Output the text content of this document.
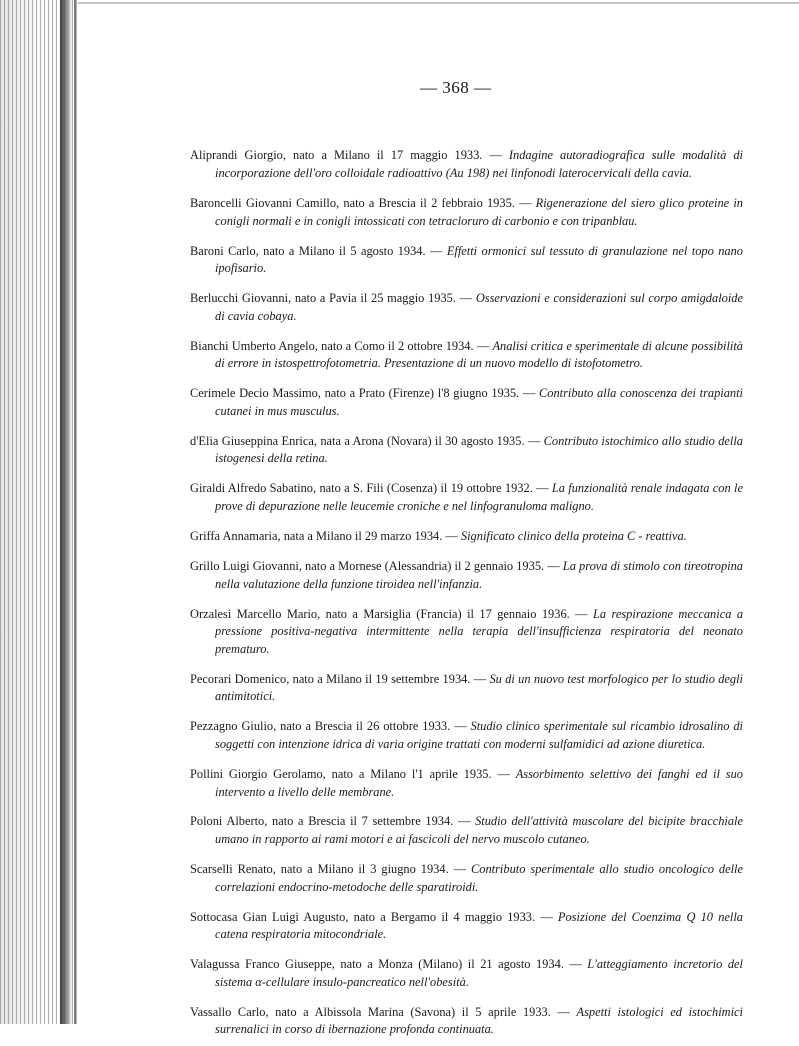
— 368 —

Aliprandi Giorgio, nato a Milano il 17 maggio 1933. — Indagine autoradiografica sulle modalità di incorporazione dell'oro colloidale radioattivo (Au 198) nei linfonodi laterocervicali della cavia.

Baroncelli Giovanni Camillo, nato a Brescia il 2 febbraio 1935. — Rigenerazione del siero glico proteine in conigli normali e in conigli intossicati con tetracloruro di carbonio e con tripanblau.

Baroni Carlo, nato a Milano il 5 agosto 1934. — Effetti ormonici sul tessuto di granulazione nel topo nano ipofisario.

Berlucchi Giovanni, nato a Pavia il 25 maggio 1935. — Osservazioni e considerazioni sul corpo amigdaloide di cavia cobaya.

Bianchi Umberto Angelo, nato a Como il 2 ottobre 1934. — Analisi critica e sperimentale di alcune possibilità di errore in istospettrofotometria. Presentazione di un nuovo modello di istofotometro.

Cerimele Decio Massimo, nato a Prato (Firenze) l'8 giugno 1935. — Contributo alla conoscenza dei trapianti cutanei in mus musculus.

d'Elia Giuseppina Enrica, nata a Arona (Novara) il 30 agosto 1935. — Contributo istochimico allo studio della istogenesi della retina.

Giraldi Alfredo Sabatino, nato a S. Fili (Cosenza) il 19 ottobre 1932. — La funzionalità renale indagata con le prove di depurazione nelle leucemie croniche e nel linfogranuloma maligno.

Griffa Annamaria, nata a Milano il 29 marzo 1934. — Significato clinico della proteina C - reattiva.

Grillo Luigi Giovanni, nato a Mornese (Alessandria) il 2 gennaio 1935. — La prova di stimolo con tireotropina nella valutazione della funzione tiroidea nell'infanzia.

Orzalesi Marcello Mario, nato a Marsiglia (Francia) il 17 gennaio 1936. — La respirazione meccanica a pressione positiva-negativa intermittente nella terapia dell'insufficienza respiratoria del neonato prematuro.

Pecorari Domenico, nato a Milano il 19 settembre 1934. — Su di un nuovo test morfologico per lo studio degli antimitotici.

Pezzagno Giulio, nato a Brescia il 26 ottobre 1933. — Studio clinico sperimentale sul ricambio idrosalino di soggetti con intenzione idrica di varia origine trattati con moderni sulfamidici ad azione diuretica.

Pollini Giorgio Gerolamo, nato a Milano l'1 aprile 1935. — Assorbimento selettivo dei fanghi ed il suo intervento a livello delle membrane.

Poloni Alberto, nato a Brescia il 7 settembre 1934. — Studio dell'attività muscolare del bicipite bracchiale umano in rapporto ai rami motori e ai fascicoli del nervo muscolo cutaneo.

Scarselli Renato, nato a Milano il 3 giugno 1934. — Contributo sperimentale allo studio oncologico delle correlazioni endocrino-metodoche delle sparatiroidi.

Sottocasa Gian Luigi Augusto, nato a Bergamo il 4 maggio 1933. — Posizione del Coenzima Q 10 nella catena respiratoria mitocondriale.

Valagussa Franco Giuseppe, nato a Monza (Milano) il 21 agosto 1934. — L'atteggiamento incretorio del sistema α-cellulare insulo-pancreatico nell'obesità.

Vassallo Carlo, nato a Albissola Marina (Savona) il 5 aprile 1933. — Aspetti istologici ed istochimici surrenalici in corso di ibernazione profonda continuata.
